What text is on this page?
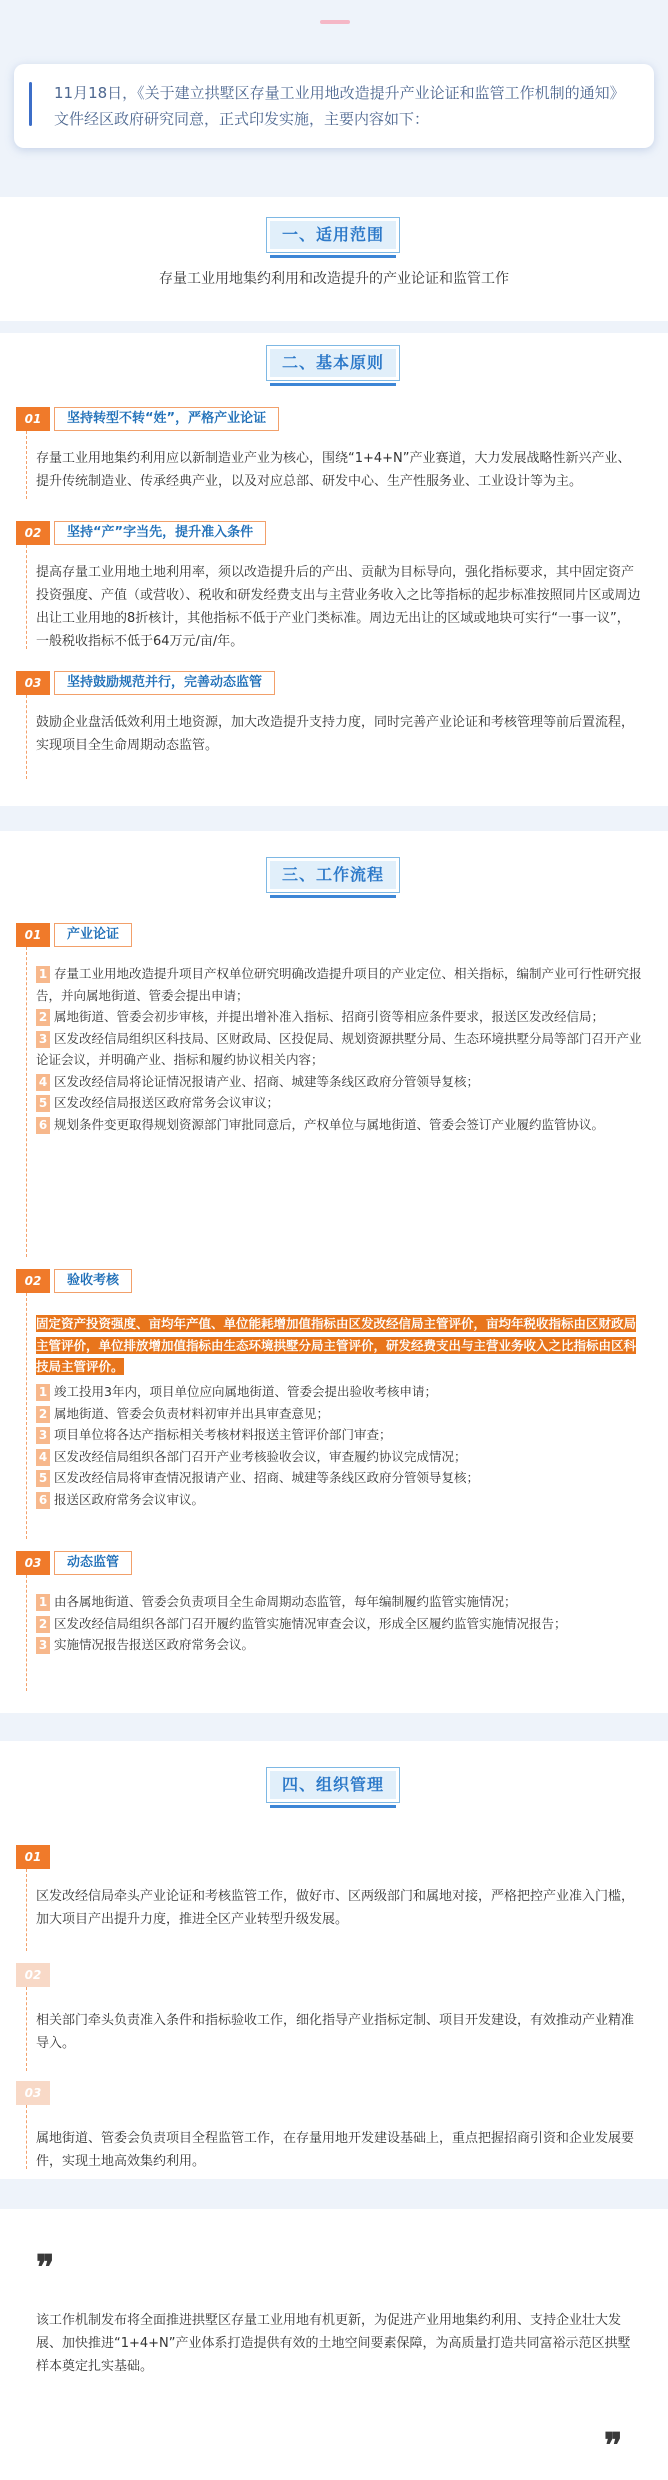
11月18日，《关于建立拱墅区存量工业用地改造提升产业论证和监管工作机制的通知》文件经区政府研究同意，正式印发实施，主要内容如下：

一、适用范围

存量工业用地集约利用和改造提升的产业论证和监管工作

二、基本原则
01	坚持转型不转“姓”，严格产业论证

存量工业用地集约利用应以新制造业产业为核心，围绕“1+4+N”产业赛道，大力发展战略性新兴产业、提升传统制造业、传承经典产业，以及对应总部、研发中心、生产性服务业、工业设计等为主。

02	坚持“产”字当先，提升准入条件

提高存量工业用地土地利用率，须以改造提升后的产出、贡献为目标导向，强化指标要求，其中固定资产投资强度、产值（或营收）、税收和研发经费支出与主营业务收入之比等指标的起步标准按照同片区或周边出让工业用地的8折核计，其他指标不低于产业门类标准。周边无出让的区域或地块可实行“一事一议”，一般税收指标不低于64万元/亩/年。

03	坚持鼓励规范并行，完善动态监管

鼓励企业盘活低效利用土地资源，加大改造提升支持力度，同时完善产业论证和考核管理等前后置流程，实现项目全生命周期动态监管。

三、工作流程
01	产业论证
1 存量工业用地改造提升项目产权单位研究明确改造提升项目的产业定位、相关指标，编制产业可行性研究报告，并向属地街道、管委会提出申请；
2 属地街道、管委会初步审核，并提出增补准入指标、招商引资等相应条件要求，报送区发改经信局；
3 区发改经信局组织区科技局、区财政局、区投促局、规划资源拱墅分局、生态环境拱墅分局等部门召开产业论证会议，并明确产业、指标和履约协议相关内容；
4 区发改经信局将论证情况报请产业、招商、城建等条线区政府分管领导复核；
5 区发改经信局报送区政府常务会议审议；
6 规划条件变更取得规划资源部门审批同意后，产权单位与属地街道、管委会签订产业履约监管协议。
02	验收考核

固定资产投资强度、亩均年产值、单位能耗增加值指标由区发改经信局主管评价，亩均年税收指标由区财政局主管评价，单位排放增加值指标由生态环境拱墅分局主管评价，研发经费支出与主营业务收入之比指标由区科技局主管评价。

1 竣工投用3年内，项目单位应向属地街道、管委会提出验收考核申请；
2 属地街道、管委会负责材料初审并出具审查意见；
3 项目单位将各达产指标相关考核材料报送主管评价部门审查；
4 区发改经信局组织各部门召开产业考核验收会议，审查履约协议完成情况；
5 区发改经信局将审查情况报请产业、招商、城建等条线区政府分管领导复核；
6 报送区政府常务会议审议。
03	动态监管
1 由各属地街道、管委会负责项目全生命周期动态监管，每年编制履约监管实施情况；
2 区发改经信局组织各部门召开履约监管实施情况审查会议，形成全区履约监管实施情况报告；
3 实施情况报告报送区政府常务会议。
四、组织管理
01

区发改经信局牵头产业论证和考核监管工作，做好市、区两级部门和属地对接，严格把控产业准入门槛，加大项目产出提升力度，推进全区产业转型升级发展。

02

相关部门牵头负责准入条件和指标验收工作，细化指导产业指标定制、项目开发建设，有效推动产业精准导入。

03

属地街道、管委会负责项目全程监管工作，在存量用地开发建设基础上，重点把握招商引资和企业发展要件，实现土地高效集约利用。

❞

该工作机制发布将全面推进拱墅区存量工业用地有机更新，为促进产业用地集约利用、支持企业壮大发展、加快推进“1+4+N”产业体系打造提供有效的土地空间要素保障，为高质量打造共同富裕示范区拱墅样本奠定扎实基础。

❞
